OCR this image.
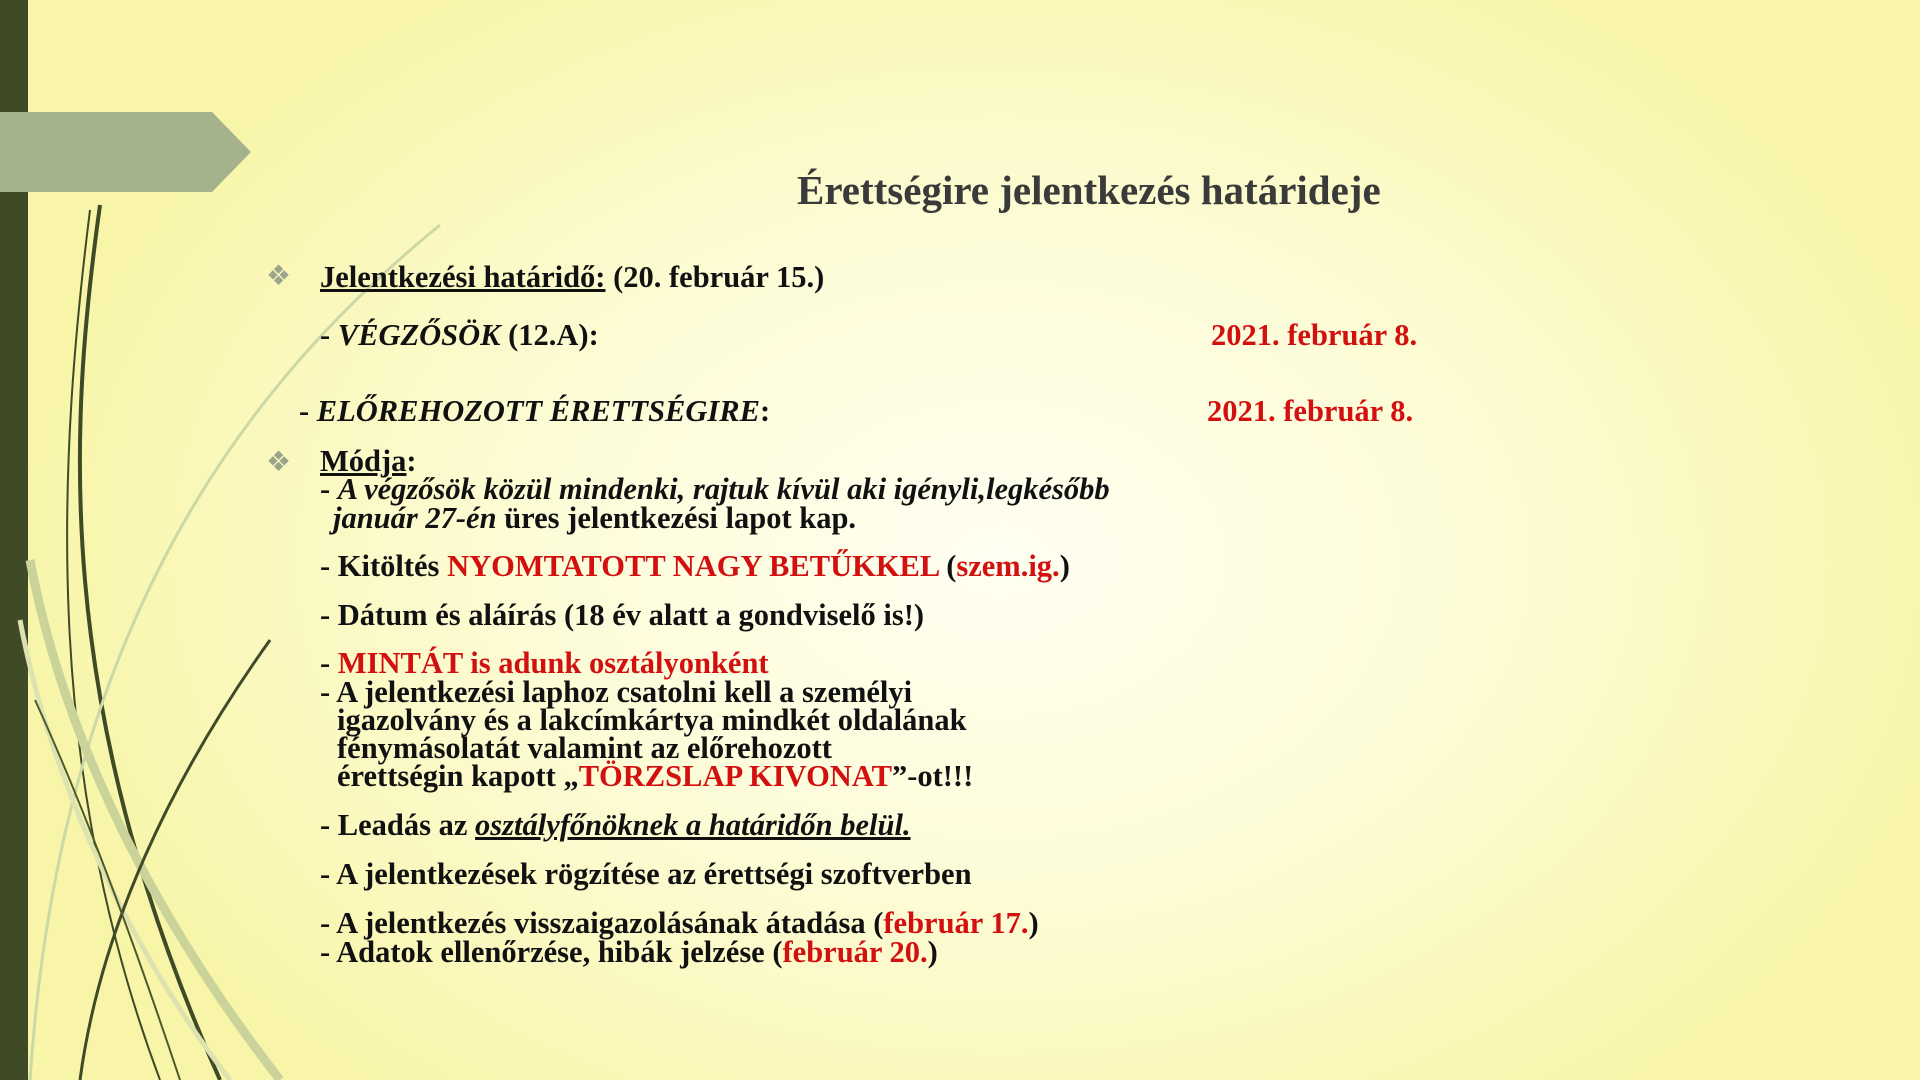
Érettségire jelentkezés határideje
❖ Jelentkezési határidő: (20. február 15.)
- VÉGZŐSÖK (12.A):	2021. február 8.
- ELŐREHOZOTT ÉRETTSÉGIRE:	2021. február 8.
❖ Módja:
- A végzősök közül mindenki, rajtuk kívül aki igényli,legkésőbb
január 27-én üres jelentkezési lapot kap.
- Kitöltés NYOMTATOTT NAGY BETŰKKEL (szem.ig.)
- Dátum és aláírás (18 év alatt a gondviselő is!)
- MINTÁT is adunk osztályonként
- A jelentkezési laphoz csatolni kell a személyi
igazolvány és a lakcímkártya mindkét oldalának
fénymásolatát valamint az előrehozott
érettségin kapott „TÖRZSLAP KIVONAT”-ot!!!
- Leadás az osztályfőnöknek a határidőn belül.
- A jelentkezések rögzítése az érettségi szoftverben
- A jelentkezés visszaigazolásának átadása (február 17.)
- Adatok ellenőrzése, hibák jelzése (február 20.)
